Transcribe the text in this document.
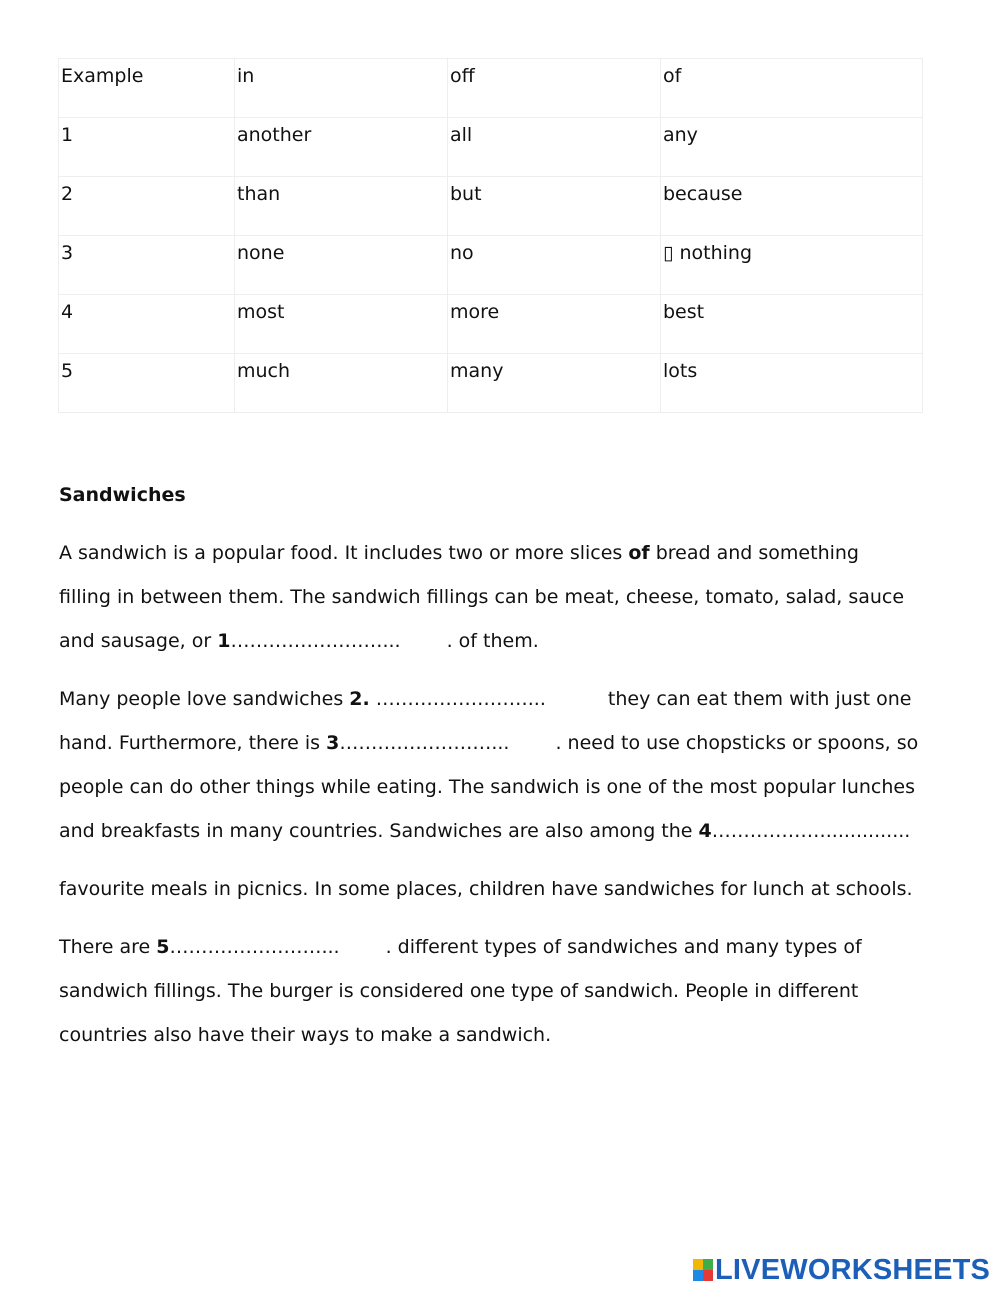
Example	in	off	of
1	another	all	any
2	than	but	because
3	none	no	▯ nothing
4	most	more	best
5	much	many	lots
Sandwiches
A sandwich is a popular food. It includes two or more slices of bread and something
filling in between them. The sandwich fillings can be meat, cheese, tomato, salad, sauce
and sausage, or 1……………………... . of them.
Many people love sandwiches 2. ……………………...	they can eat them with just one
hand. Furthermore, there is 3……………………... . need to use chopsticks or spoons, so
people can do other things while eating. The sandwich is one of the most popular lunches
and breakfasts in many countries. Sandwiches are also among the 4………………..............
favourite meals in picnics. In some places, children have sandwiches for lunch at schools.
There are 5……………………... . different types of sandwiches and many types of
sandwich fillings. The burger is considered one type of sandwich. People in different
countries also have their ways to make a sandwich.
LIVEWORKSHEETS
